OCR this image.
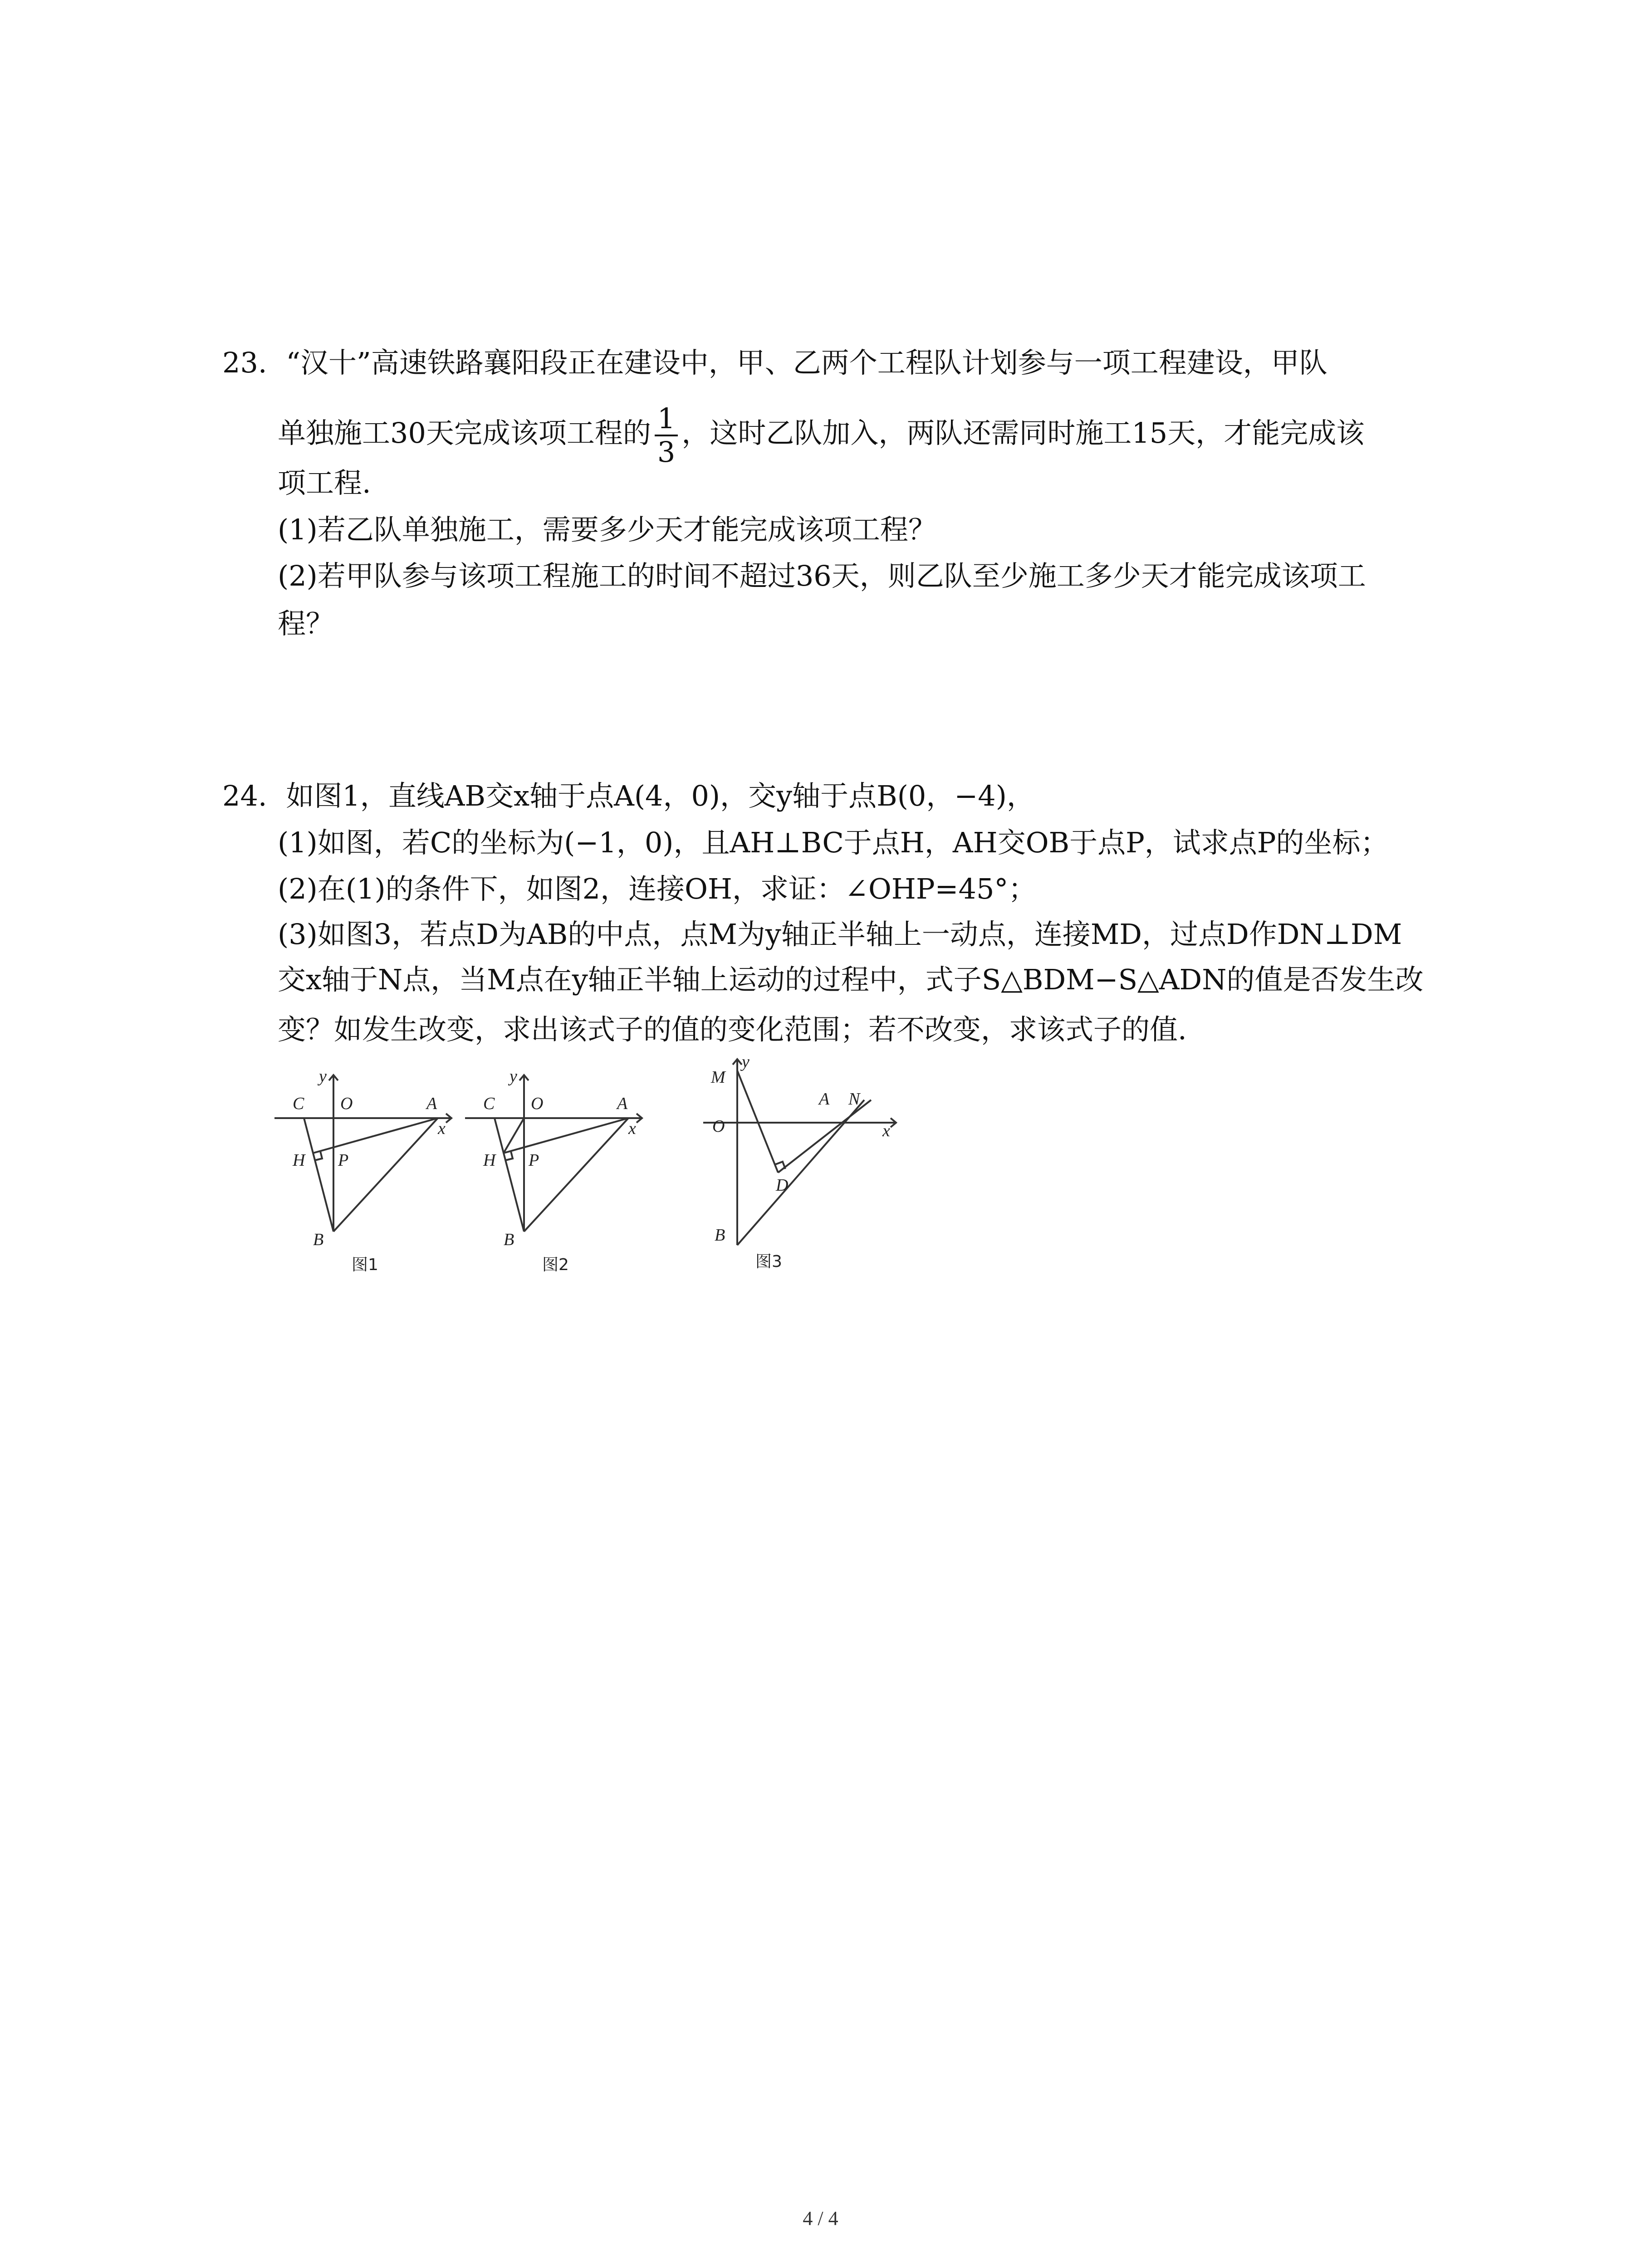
23. “汉十”高速铁路襄阳段正在建设中，甲、乙两个工程队计划参与一项工程建设，甲队
单独施工30天完成该项工程的 $\frac{1}{3}$ ，这时乙队加入，两队还需同时施工15天，才能完成该
项工程.
(1)若乙队单独施工，需要多少天才能完成该项工程？
(2)若甲队参与该项工程施工的时间不超过36天，则乙队至少施工多少天才能完成该项工
程？
24. 如图1，直线AB交x轴于点A(4，0)，交y轴于点B(0，−4)，
(1)如图，若C的坐标为(−1，0)，且AH⊥BC于点H，AH交OB于点P，试求点P的坐标；
(2)在(1)的条件下，如图2，连接OH，求证：∠OHP=45°；
(3)如图3，若点D为AB的中点，点M为y轴正半轴上一动点，连接MD，过点D作DN⊥DM
交x轴于N点，当M点在y轴正半轴上运动的过程中，式子S△BDM−S△ADN的值是否发生改
变？如发生改变，求出该式子的值的变化范围；若不改变，求该式子的值.
C O	A
x
y
H P
B
图1
C O	A
x
y
H P
B
图2
M
y
A N
O	x
D
B
图3
4 / 4
